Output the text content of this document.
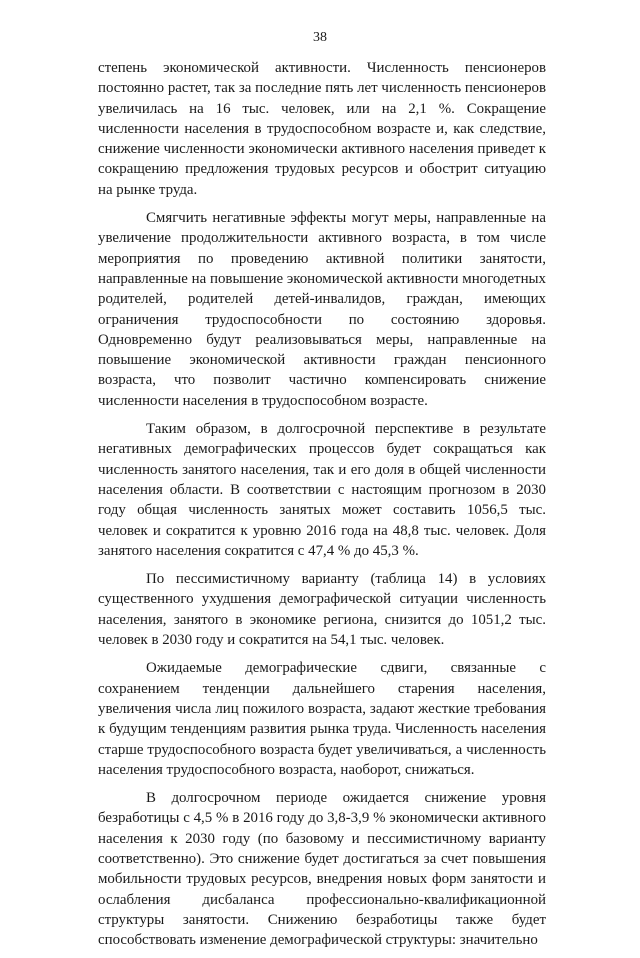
38

степень экономической активности. Численность пенсионеров постоянно растет, так за последние пять лет численность пенсионеров увеличилась на 16 тыс. человек, или на 2,1 %. Сокращение численности населения в трудоспособном возрасте и, как следствие, снижение численности экономически активного населения приведет к сокращению предложения трудовых ресурсов и обострит ситуацию на рынке труда.

Смягчить негативные эффекты могут меры, направленные на увеличение продолжительности активного возраста, в том числе мероприятия по проведению активной политики занятости, направленные на повышение экономической активности многодетных родителей, родителей детей-инвалидов, граждан, имеющих ограничения трудоспособности по состоянию здоровья. Одновременно будут реализовываться меры, направленные на повышение экономической активности граждан пенсионного возраста, что позволит частично компенсировать снижение численности населения в трудоспособном возрасте.

Таким образом, в долгосрочной перспективе в результате негативных демографических процессов будет сокращаться как численность занятого населения, так и его доля в общей численности населения области. В соответствии с настоящим прогнозом в 2030 году общая численность занятых может составить 1056,5 тыс. человек и сократится к уровню 2016 года на 48,8 тыс. человек. Доля занятого населения сократится с 47,4 % до 45,3 %.

По пессимистичному варианту (таблица 14) в условиях существенного ухудшения демографической ситуации численность населения, занятого в экономике региона, снизится до 1051,2 тыс. человек в 2030 году и сократится на 54,1 тыс. человек.

Ожидаемые демографические сдвиги, связанные с сохранением тенденции дальнейшего старения населения, увеличения числа лиц пожилого возраста, задают жесткие требования к будущим тенденциям развития рынка труда. Численность населения старше трудоспособного возраста будет увеличиваться, а численность населения трудоспособного возраста, наоборот, снижаться.

В долгосрочном периоде ожидается снижение уровня безработицы с 4,5 % в 2016 году до 3,8-3,9 % экономически активного населения к 2030 году (по базовому и пессимистичному варианту соответственно). Это снижение будет достигаться за счет повышения мобильности трудовых ресурсов, внедрения новых форм занятости и ослабления дисбаланса профессионально-квалификационной структуры занятости. Снижению безработицы также будет способствовать изменение демографической структуры: значительно
